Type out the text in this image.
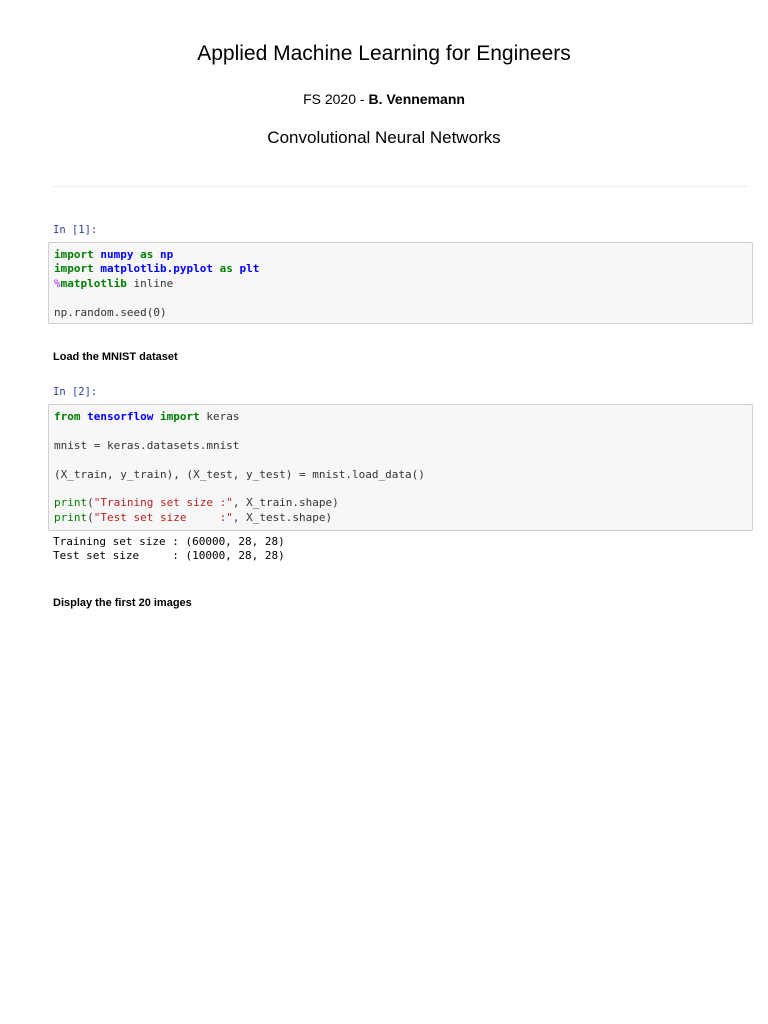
Applied Machine Learning for Engineers
FS 2020 - B. Vennemann
Convolutional Neural Networks
In [1]:
import numpy as np
import matplotlib.pyplot as plt
%matplotlib inline

np.random.seed(0)
Load the MNIST dataset
In [2]:
from tensorflow import keras

mnist = keras.datasets.mnist

(X_train, y_train), (X_test, y_test) = mnist.load_data()

print("Training set size :", X_train.shape)
print("Test set size     :", X_test.shape)
Training set size : (60000, 28, 28)
Test set size     : (10000, 28, 28)
Display the first 20 images
